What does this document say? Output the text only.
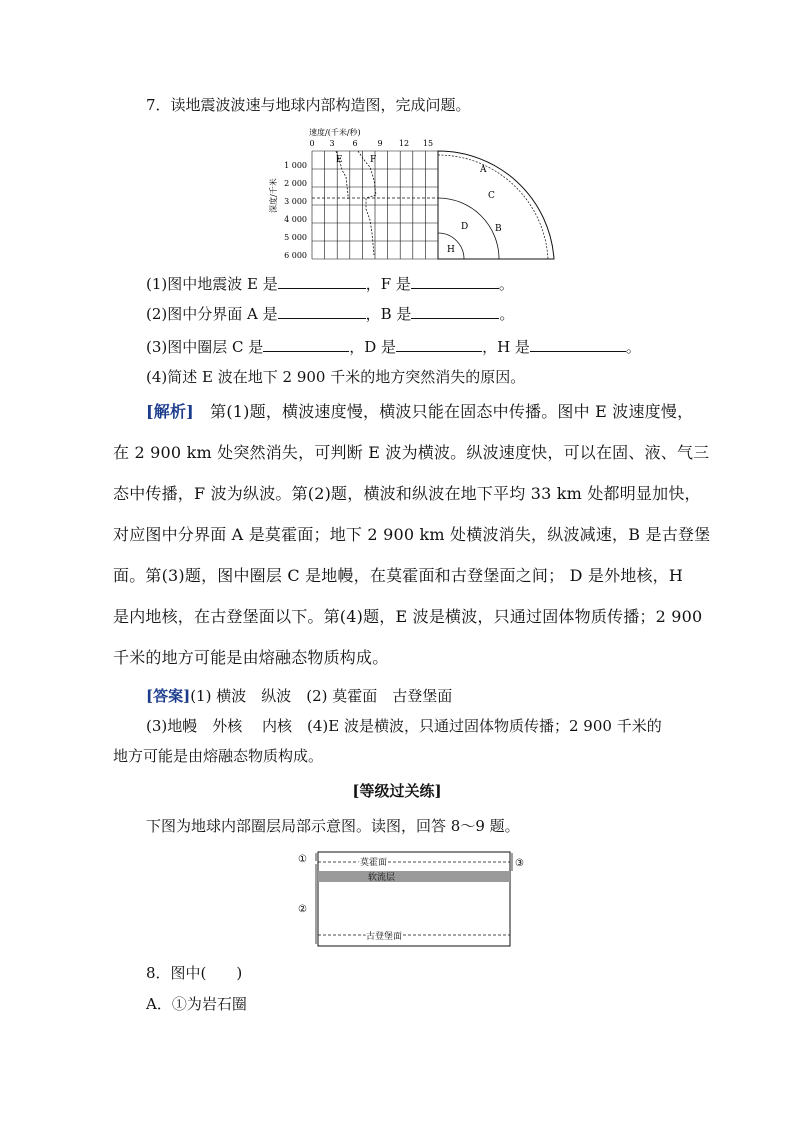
7．读地震波波速与地球内部构造图，完成问题。
速度/(千米/秒)
深度/千米
0 3 6 9 12 15
1 000
2 000
3 000
4 000
5 000
6 000
E	F
A
C
D	B
H
(1)图中地震波 E 是	，F 是	。
(2)图中分界面 A 是	，B 是	。
(3)图中圈层 C 是	，D 是	，H 是	。
(4)简述 E 波在地下 2 900 千米的地方突然消失的原因。
[解析]　第(1)题，横波速度慢，横波只能在固态中传播。图中 E 波速度慢，
在 2 900 km 处突然消失，可判断 E 波为横波。纵波速度快，可以在固、液、气三
态中传播，F 波为纵波。第(2)题，横波和纵波在地下平均 33 km 处都明显加快，
对应图中分界面 A 是莫霍面；地下 2 900 km 处横波消失，纵波减速，B 是古登堡
面。第(3)题，图中圈层 C 是地幔，在莫霍面和古登堡面之间； D 是外地核，H
是内地核，在古登堡面以下。第(4)题，E 波是横波，只通过固体物质传播；2 900
千米的地方可能是由熔融态物质构成。
[答案](1) 横波　纵波　(2) 莫霍面　古登堡面
(3)地幔　外核　 内核　(4)E 波是横波，只通过固体物质传播；2 900 千米的
地方可能是由熔融态物质构成。
[等级过关练]
下图为地球内部圈层局部示意图。读图，回答 8～9 题。
莫霍面
软流层
古登堡面
①
②
③
8．图中(　　)
A．①为岩石圈
